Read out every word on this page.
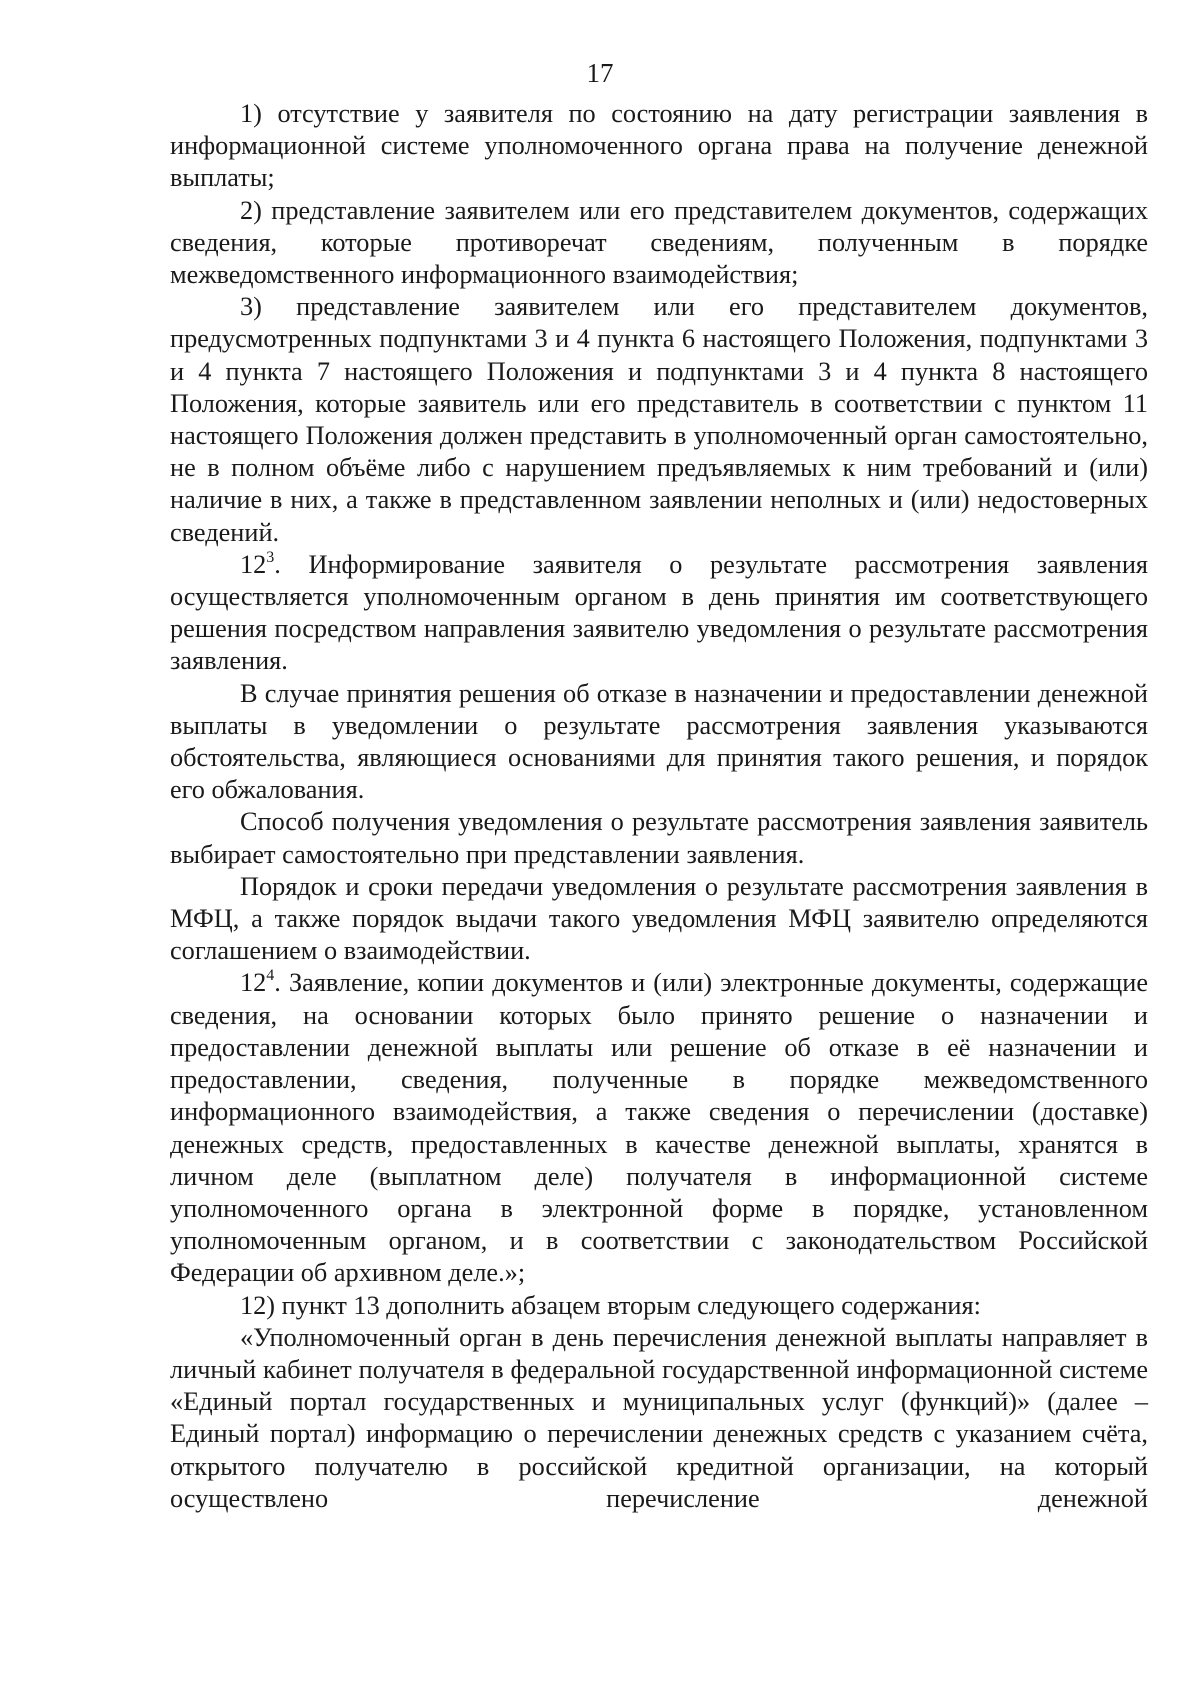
17

1) отсутствие у заявителя по состоянию на дату регистрации заявления в информационной системе уполномоченного органа права на получение денежной выплаты;

2) представление заявителем или его представителем документов, содержащих сведения, которые противоречат сведениям, полученным в порядке межведомственного информационного взаимодействия;

3) представление заявителем или его представителем документов, предусмотренных подпунктами 3 и 4 пункта 6 настоящего Положения, подпунктами 3 и 4 пункта 7 настоящего Положения и подпунктами 3 и 4 пункта 8 настоящего Положения, которые заявитель или его представитель в соответствии с пунктом 11 настоящего Положения должен представить в уполномоченный орган самостоятельно, не в полном объёме либо с нарушением предъявляемых к ним требований и (или) наличие в них, а также в представленном заявлении неполных и (или) недостоверных сведений.

$12^3$. Информирование заявителя о результате рассмотрения заявления осуществляется уполномоченным органом в день принятия им соответствующего решения посредством направления заявителю уведомления о результате рассмотрения заявления.

В случае принятия решения об отказе в назначении и предоставлении денежной выплаты в уведомлении о результате рассмотрения заявления указываются обстоятельства, являющиеся основаниями для принятия такого решения, и порядок его обжалования.

Способ получения уведомления о результате рассмотрения заявления заявитель выбирает самостоятельно при представлении заявления.

Порядок и сроки передачи уведомления о результате рассмотрения заявления в МФЦ, а также порядок выдачи такого уведомления МФЦ заявителю определяются соглашением о взаимодействии.

$12^4$. Заявление, копии документов и (или) электронные документы, содержащие сведения, на основании которых было принято решение о назначении и предоставлении денежной выплаты или решение об отказе в её назначении и предоставлении, сведения, полученные в порядке межведомственного информационного взаимодействия, а также сведения о перечислении (доставке) денежных средств, предоставленных в качестве денежной выплаты, хранятся в личном деле (выплатном деле) получателя в информационной системе уполномоченного органа в электронной форме в порядке, установленном уполномоченным органом, и в соответствии с законодательством Российской Федерации об архивном деле.»;

12) пункт 13 дополнить абзацем вторым следующего содержания:

«Уполномоченный орган в день перечисления денежной выплаты направляет в личный кабинет получателя в федеральной государственной информационной системе «Единый портал государственных и муниципальных услуг (функций)» (далее – Единый портал) информацию о перечислении денежных средств с указанием счёта, открытого получателю в российской кредитной организации, на который осуществлено перечисление денежной
